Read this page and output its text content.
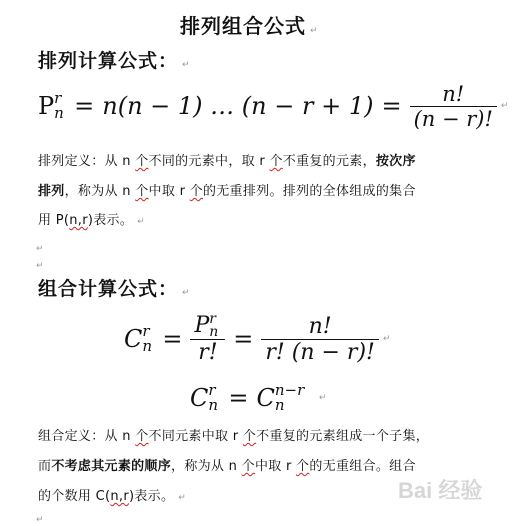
排列组合公式 ↵
排列计算公式： ↵
P r
n = n(n − 1) … $(n - r + 1) = \frac{n!}{(n - r)!}$ ↵
排列定义：从 n 个不同的元素中，取 r 个不重复的元素，按次序
排列，称为从 n 个中取 r 个的无重排列。排列的全体组成的集合
用 P(n,r)表示。 ↵
↵
↵
组合计算公式： ↵
C r
n = P r
n
r! = $\frac{n!}{r! (n - r)!}$ ↵
C r
n = C n−r
n	↵
组合定义：从 n 个不同元素中取 r 个不重复的元素组成一个子集，
而不考虑其元素的顺序，称为从 n 个中取 r 个的无重组合。组合
的个数用 C(n,r)表示。 ↵
↵
Bai 经验
